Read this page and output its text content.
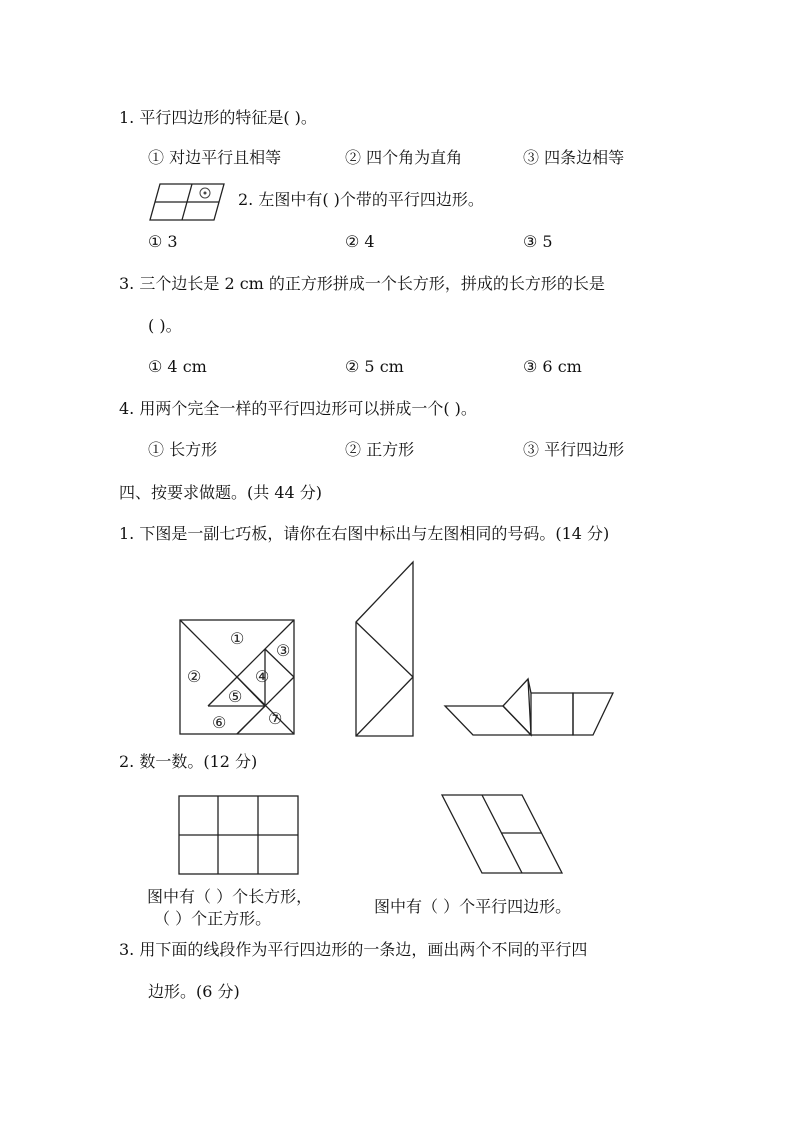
1. 平行四边形的特征是( )。
① 对边平行且相等	② 四个角为直角	③ 四条边相等
2. 左图中有( )个带的平行四边形。
① 3	② 4	③ 5
3. 三个边长是 2 cm 的正方形拼成一个长方形，拼成的长方形的长是
( )。
① 4 cm	② 5 cm	③ 6 cm
4. 用两个完全一样的平行四边形可以拼成一个( )。
① 长方形	② 正方形	③ 平行四边形
四、按要求做题。(共 44 分)
1. 下图是一副七巧板，请你在右图中标出与左图相同的号码。(14 分)
①
②
③
④
⑤
⑥	⑦
2. 数一数。(12 分)
图中有（ ）个长方形，
（ ）个正方形。
图中有（ ）个平行四边形。
3. 用下面的线段作为平行四边形的一条边，画出两个不同的平行四
边形。(6 分)
